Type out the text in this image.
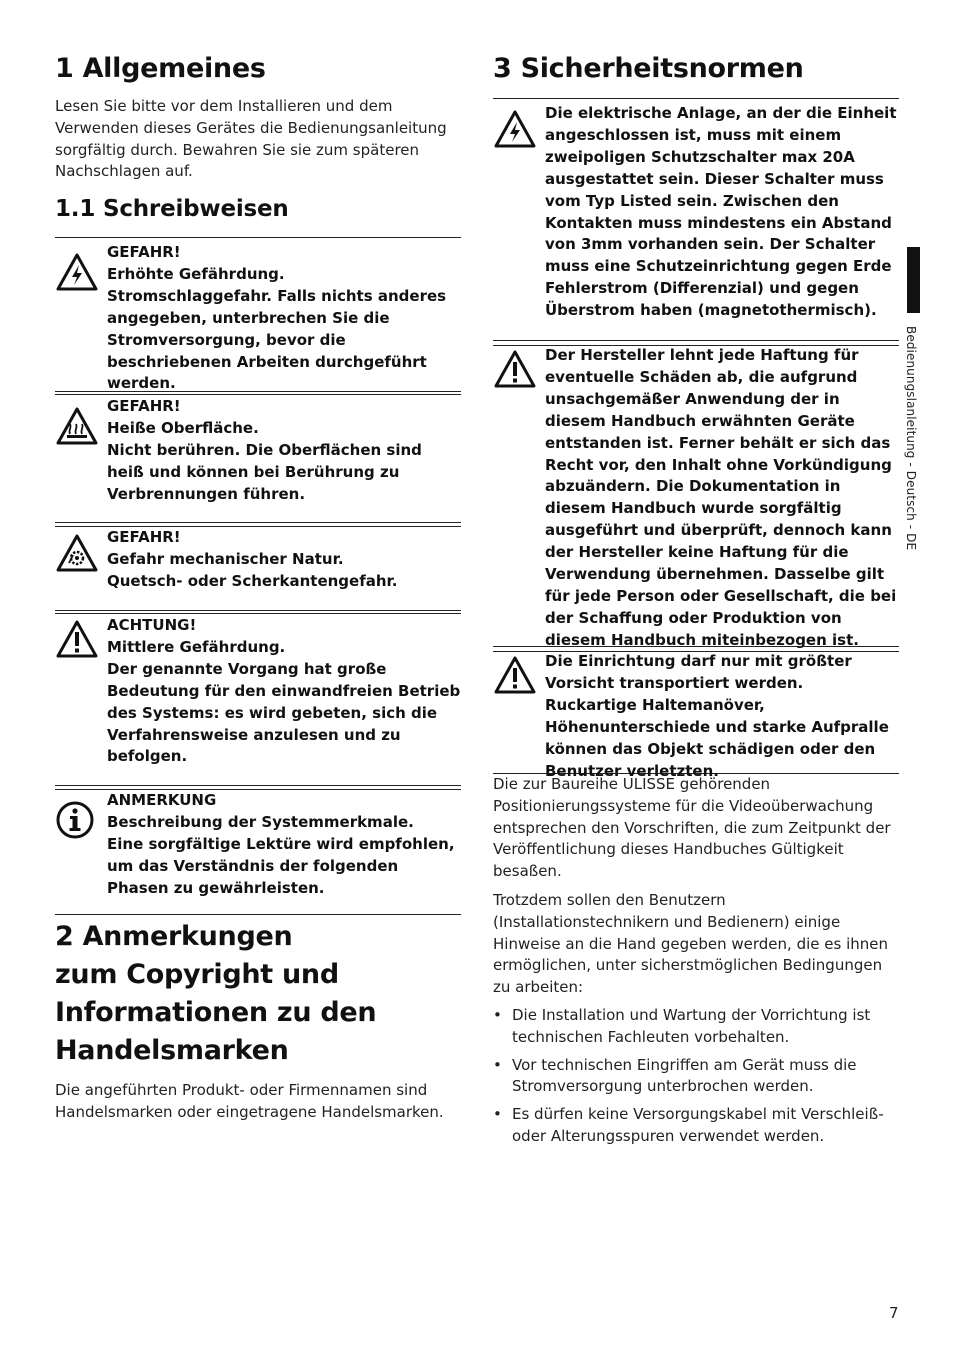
1 Allgemeines

Lesen Sie bitte vor dem Installieren und dem Verwenden dieses Gerätes die Bedienungsanleitung sorgfältig durch. Bewahren Sie sie zum späteren Nachschlagen auf.

1.1 Schreibweisen
GEFAHR!
Erhöhte Gefährdung.
Stromschlaggefahr. Falls nichts anderes angegeben, unterbrechen Sie die Stromversorgung, bevor die beschriebenen Arbeiten durchgeführt werden.
GEFAHR!
Heiße Oberfläche.
Nicht berühren. Die Oberflächen sind heiß und können bei Berührung zu Verbrennungen führen.
GEFAHR!
Gefahr mechanischer Natur.
Quetsch- oder Scherkantengefahr.
ACHTUNG!
Mittlere Gefährdung.
Der genannte Vorgang hat große Bedeutung für den einwandfreien Betrieb des Systems: es wird gebeten, sich die Verfahrensweise anzulesen und zu befolgen.
ANMERKUNG
Beschreibung der Systemmerkmale.
Eine sorgfältige Lektüre wird empfohlen, um das Verständnis der folgenden Phasen zu gewährleisten.
2 Anmerkungen
zum Copyright und
Informationen zu den
Handelsmarken

Die angeführten Produkt- oder Firmennamen sind Handelsmarken oder eingetragene Handelsmarken.

3 Sicherheitsnormen
Die elektrische Anlage, an der die Einheit angeschlossen ist, muss mit einem zweipoligen Schutzschalter max 20A ausgestattet sein. Dieser Schalter muss vom Typ Listed sein. Zwischen den Kontakten muss mindestens ein Abstand von 3mm vorhanden sein. Der Schalter muss eine Schutzeinrichtung gegen Erde Fehlerstrom (Differenzial) und gegen Überstrom haben (magnetothermisch).
Der Hersteller lehnt jede Haftung für eventuelle Schäden ab, die aufgrund unsachgemäßer Anwendung der in diesem Handbuch erwähnten Geräte entstanden ist. Ferner behält er sich das Recht vor, den Inhalt ohne Vorkündigung abzuändern. Die Dokumentation in diesem Handbuch wurde sorgfältig ausgeführt und überprüft, dennoch kann der Hersteller keine Haftung für die Verwendung übernehmen. Dasselbe gilt für jede Person oder Gesellschaft, die bei der Schaffung oder Produktion von diesem Handbuch miteinbezogen ist.
Die Einrichtung darf nur mit größter Vorsicht transportiert werden. Ruckartige Haltemanöver, Höhenunterschiede und starke Aufpralle können das Objekt schädigen oder den Benutzer verletzten.

Die zur Baureihe ULISSE gehörenden Positionierungssysteme für die Videoüberwachung entsprechen den Vorschriften, die zum Zeitpunkt der Veröffentlichung dieses Handbuches Gültigkeit besaßen.

Trotzdem sollen den Benutzern (Installationstechnikern und Bedienern) einige Hinweise an die Hand gegeben werden, die es ihnen ermöglichen, unter sicherstmöglichen Bedingungen zu arbeiten:

• Die Installation und Wartung der Vorrichtung ist technischen Fachleuten vorbehalten.
• Vor technischen Eingriffen am Gerät muss die Stromversorgung unterbrochen werden.
• Es dürfen keine Versorgungskabel mit Verschleiß- oder Alterungsspuren verwendet werden.
Bedienungslanleitung - Deutsch - DE
7
